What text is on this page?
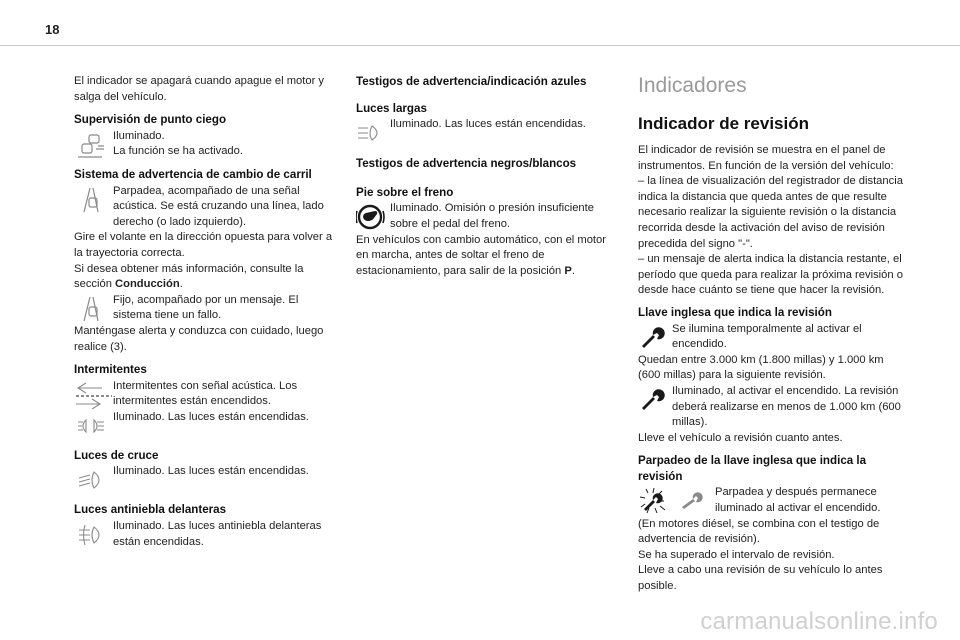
18

El indicador se apagará cuando apague el motor y salga del vehículo.

Supervisión de punto ciego

Iluminado.

La función se ha activado.

Sistema de advertencia de cambio de carril

Parpadea, acompañado de una señal acústica. Se está cruzando una línea, lado derecho (o lado izquierdo).

Gire el volante en la dirección opuesta para volver a la trayectoria correcta.

Si desea obtener más información, consulte la sección Conducción.

Fijo, acompañado por un mensaje. El sistema tiene un fallo.

Manténgase alerta y conduzca con cuidado, luego realice (3).

Intermitentes

Intermitentes con señal acústica. Los intermitentes están encendidos.

Iluminado. Las luces están encendidas.

Luces de cruce

Iluminado. Las luces están encendidas.

Luces antiniebla delanteras

Iluminado. Las luces antiniebla delanteras están encendidas.

Testigos de advertencia/indicación azules

Luces largas

Iluminado. Las luces están encendidas.

Testigos de advertencia negros/blancos

Pie sobre el freno

Iluminado. Omisión o presión insuficiente sobre el pedal del freno.

En vehículos con cambio automático, con el motor en marcha, antes de soltar el freno de estacionamiento, para salir de la posición P.

Indicadores

Indicador de revisión

El indicador de revisión se muestra en el panel de instrumentos. En función de la versión del vehículo:

– la línea de visualización del registrador de distancia indica la distancia que queda antes de que resulte necesario realizar la siguiente revisión o la distancia recorrida desde la activación del aviso de revisión precedida del signo "-".

– un mensaje de alerta indica la distancia restante, el período que queda para realizar la próxima revisión o desde hace cuánto se tiene que hacer la revisión.

Llave inglesa que indica la revisión

Se ilumina temporalmente al activar el encendido.

Quedan entre 3.000 km (1.800 millas) y 1.000 km (600 millas) para la siguiente revisión.

Iluminado, al activar el encendido. La revisión deberá realizarse en menos de 1.000 km (600 millas).

Lleve el vehículo a revisión cuanto antes.

Parpadeo de la llave inglesa que indica la revisión

Parpadea y después permanece iluminado al activar el encendido.

(En motores diésel, se combina con el testigo de advertencia de revisión).

Se ha superado el intervalo de revisión.

Lleve a cabo una revisión de su vehículo lo antes posible.

carmanualsonline.info
